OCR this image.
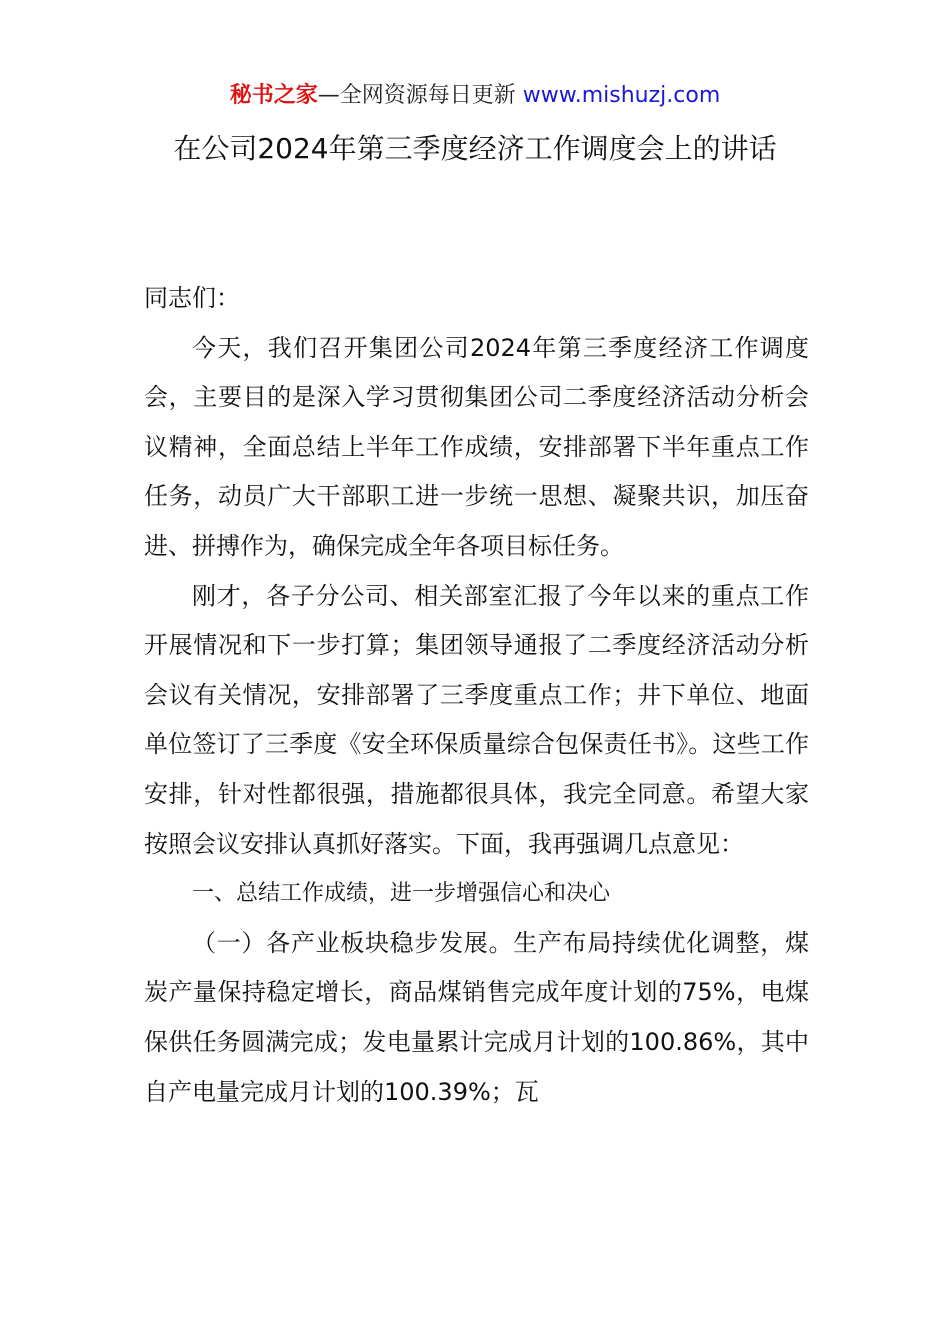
秘书之家—全网资源每日更新 www.mishuzj.com
在公司2024年第三季度经济工作调度会上的讲话

同志们：

今天，我们召开集团公司2024年第三季度经济工作调度会，主要目的是深入学习贯彻集团公司二季度经济活动分析会议精神，全面总结上半年工作成绩，安排部署下半年重点工作任务，动员广大干部职工进一步统一思想、凝聚共识，加压奋进、拼搏作为，确保完成全年各项目标任务。

刚才，各子分公司、相关部室汇报了今年以来的重点工作开展情况和下一步打算；集团领导通报了二季度经济活动分析会议有关情况，安排部署了三季度重点工作；井下单位、地面单位签订了三季度《安全环保质量综合包保责任书》。这些工作安排，针对性都很强，措施都很具体，我完全同意。希望大家按照会议安排认真抓好落实。下面，我再强调几点意见：

一、总结工作成绩，进一步增强信心和决心

（一）各产业板块稳步发展。生产布局持续优化调整，煤炭产量保持稳定增长，商品煤销售完成年度计划的75%，电煤保供任务圆满完成；发电量累计完成月计划的100.86%，其中自产电量完成月计划的100.39%；瓦
